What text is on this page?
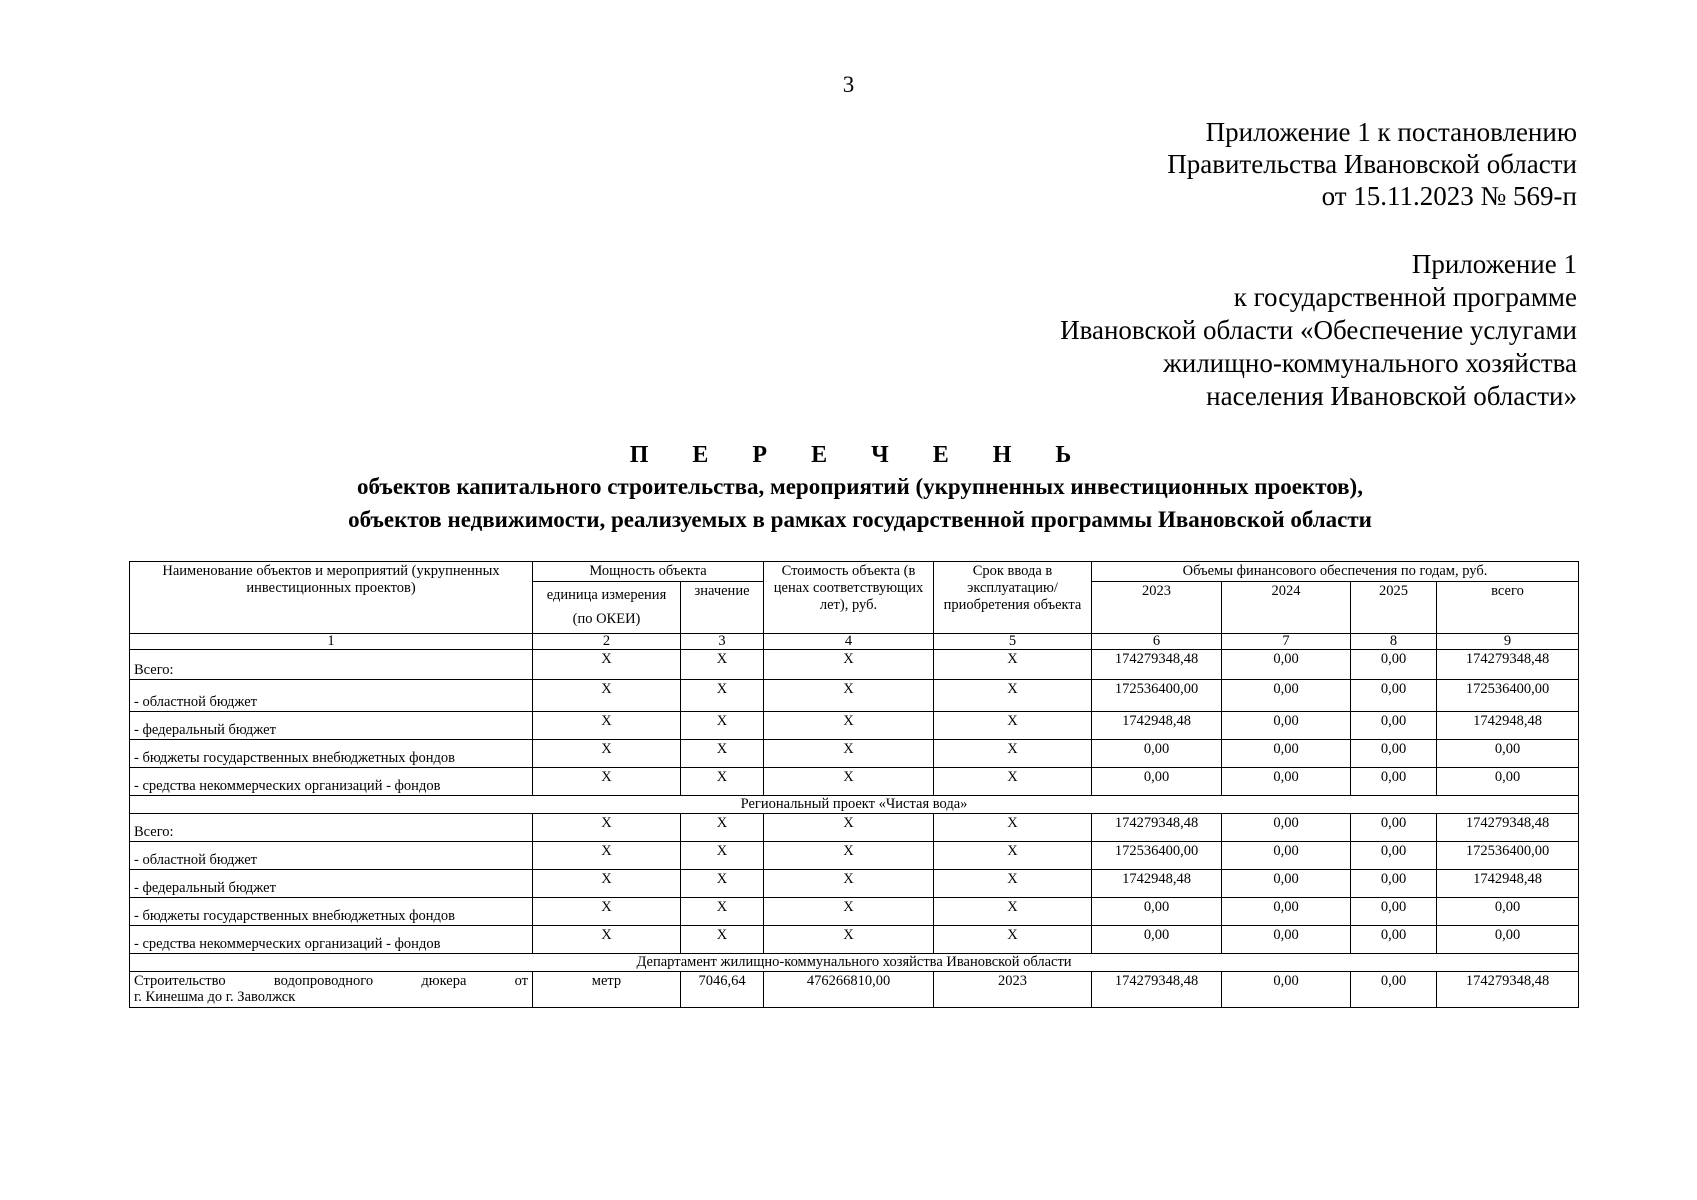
3
Приложение 1 к постановлению
Правительства Ивановской области
от 15.11.2023 № 569-п
Приложение 1
к государственной программе
Ивановской области «Обеспечение услугами
жилищно-коммунального хозяйства
населения Ивановской области»
П Е Р Е Ч Е Н Ь
объектов капитального строительства, мероприятий (укрупненных инвестиционных проектов),
объектов недвижимости, реализуемых в рамках государственной программы Ивановской области
Наименование объектов и мероприятий (укрупненных инвестиционных проектов)	Мощность объекта		Стоимость объекта (в ценах соответствующих лет), руб.	Срок ввода в эксплуатацию/ приобретения объекта	Объемы финансового обеспечения по годам, руб.			
	единица измерения (по ОКЕИ)	значение			2023	2024	2025	всего
1	2	3	4	5	6	7	8	9
Всего:	X	X	X	X	174279348,48	0,00	0,00	174279348,48
- областной бюджет	X	X	X	X	172536400,00	0,00	0,00	172536400,00
- федеральный бюджет	X	X	X	X	1742948,48	0,00	0,00	1742948,48
- бюджеты государственных внебюджетных фондов	X	X	X	X	0,00	0,00	0,00	0,00
- средства некоммерческих организаций - фондов	X	X	X	X	0,00	0,00	0,00	0,00
Региональный проект «Чистая вода»								
Всего:	X	X	X	X	174279348,48	0,00	0,00	174279348,48
- областной бюджет	X	X	X	X	172536400,00	0,00	0,00	172536400,00
- федеральный бюджет	X	X	X	X	1742948,48	0,00	0,00	1742948,48
- бюджеты государственных внебюджетных фондов	X	X	X	X	0,00	0,00	0,00	0,00
- средства некоммерческих организаций - фондов	X	X	X	X	0,00	0,00	0,00	0,00
Департамент жилищно-коммунального хозяйства Ивановской области								

Строительство водопроводного дюкера от
г. Кинешма до г. Заволжск	метр	7046,64	476266810,00	2023	174279348,48	0,00	0,00	174279348,48
